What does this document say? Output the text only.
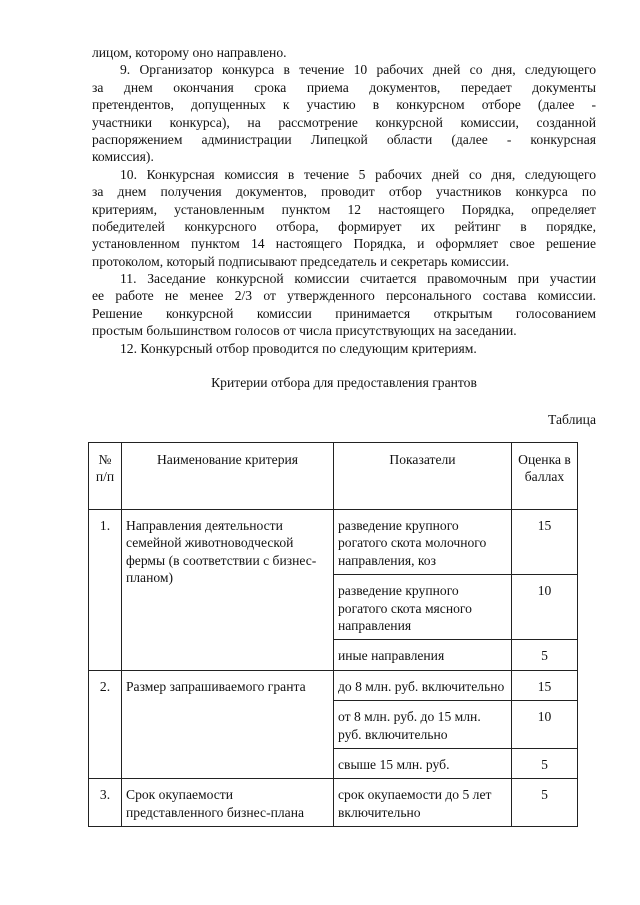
лицом, которому оно направлено.
9. Организатор конкурса в течение 10 рабочих дней со дня, следующего
за днем окончания срока приема документов, передает документы
претендентов, допущенных к участию в конкурсном отборе (далее -
участники конкурса), на рассмотрение конкурсной комиссии, созданной
распоряжением администрации Липецкой области (далее - конкурсная
комиссия).
10. Конкурсная комиссия в течение 5 рабочих дней со дня, следующего
за днем получения документов, проводит отбор участников конкурса по
критериям, установленным пунктом 12 настоящего Порядка, определяет
победителей конкурсного отбора, формирует их рейтинг в порядке,
установленном пунктом 14 настоящего Порядка, и оформляет свое решение
протоколом, который подписывают председатель и секретарь комиссии.
11. Заседание конкурсной комиссии считается правомочным при участии
ее работе не менее 2/3 от утвержденного персонального состава комиссии.
Решение конкурсной комиссии принимается открытым голосованием
простым большинством голосов от числа присутствующих на заседании.
12. Конкурсный отбор проводится по следующим критериям.
Критерии отбора для предоставления грантов
Таблица
№ п/п	Наименование критерия	Показатели	Оценка в баллах
1.	Направления деятельности семейной животноводческой фермы (в соответствии с бизнес-планом)	разведение крупного рогатого скота молочного направления, коз	15
		разведение крупного рогатого скота мясного направления	10
		иные направления	5
2.	Размер запрашиваемого гранта	до 8 млн. руб. включительно	15
		от 8 млн. руб. до 15 млн. руб. включительно	10
		свыше 15 млн. руб.	5
3.	Срок окупаемости представленного бизнес-плана	срок окупаемости до 5 лет включительно	5
